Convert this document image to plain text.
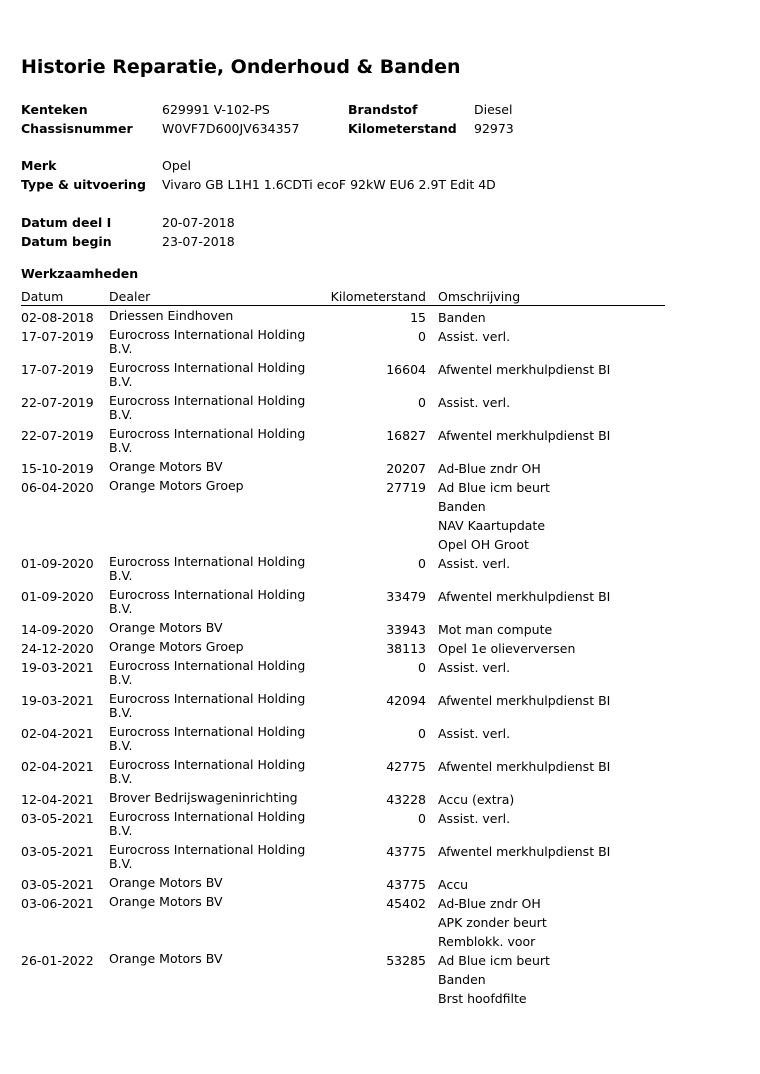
Historie Reparatie, Onderhoud & Banden
Kenteken	629991 V-102-PS	Brandstof	Diesel
Chassisnummer W0VF7D600JV634357	Kilometerstand 92973
Merk	Opel
Type & uitvoering Vivaro GB L1H1 1.6CDTi ecoF 92kW EU6 2.9T Edit 4D
Datum deel I	20-07-2018
Datum begin	23-07-2018
Werkzaamheden
Datum	Dealer	Kilometerstand Omschrijving
02-08-2018 Driessen Eindhoven	15 Banden
17-07-2019 Eurocross International Holding
B.V.
0 Assist. verl.
17-07-2019 Eurocross International Holding
B.V.
16604 Afwentel merkhulpdienst BI
22-07-2019 Eurocross International Holding
B.V.
0 Assist. verl.
22-07-2019 Eurocross International Holding
B.V.
16827 Afwentel merkhulpdienst BI
15-10-2019 Orange Motors BV	20207 Ad-Blue zndr OH
06-04-2020 Orange Motors Groep	27719 Ad Blue icm beurt
Banden
NAV Kaartupdate
Opel OH Groot
01-09-2020 Eurocross International Holding
B.V.
0 Assist. verl.
01-09-2020 Eurocross International Holding
B.V.
33479 Afwentel merkhulpdienst BI
14-09-2020 Orange Motors BV	33943 Mot man compute
24-12-2020 Orange Motors Groep	38113 Opel 1e olieverversen
19-03-2021 Eurocross International Holding
B.V.
0 Assist. verl.
19-03-2021 Eurocross International Holding
B.V.
42094 Afwentel merkhulpdienst BI
02-04-2021 Eurocross International Holding
B.V.
0 Assist. verl.
02-04-2021 Eurocross International Holding
B.V.
42775 Afwentel merkhulpdienst BI
12-04-2021 Brover Bedrijswageninrichting	43228 Accu (extra)
03-05-2021 Eurocross International Holding
B.V.
0 Assist. verl.
03-05-2021 Eurocross International Holding
B.V.
43775 Afwentel merkhulpdienst BI
03-05-2021 Orange Motors BV	43775 Accu
03-06-2021 Orange Motors BV	45402 Ad-Blue zndr OH
APK zonder beurt
Remblokk. voor
26-01-2022 Orange Motors BV	53285 Ad Blue icm beurt
Banden
Brst hoofdfilte
